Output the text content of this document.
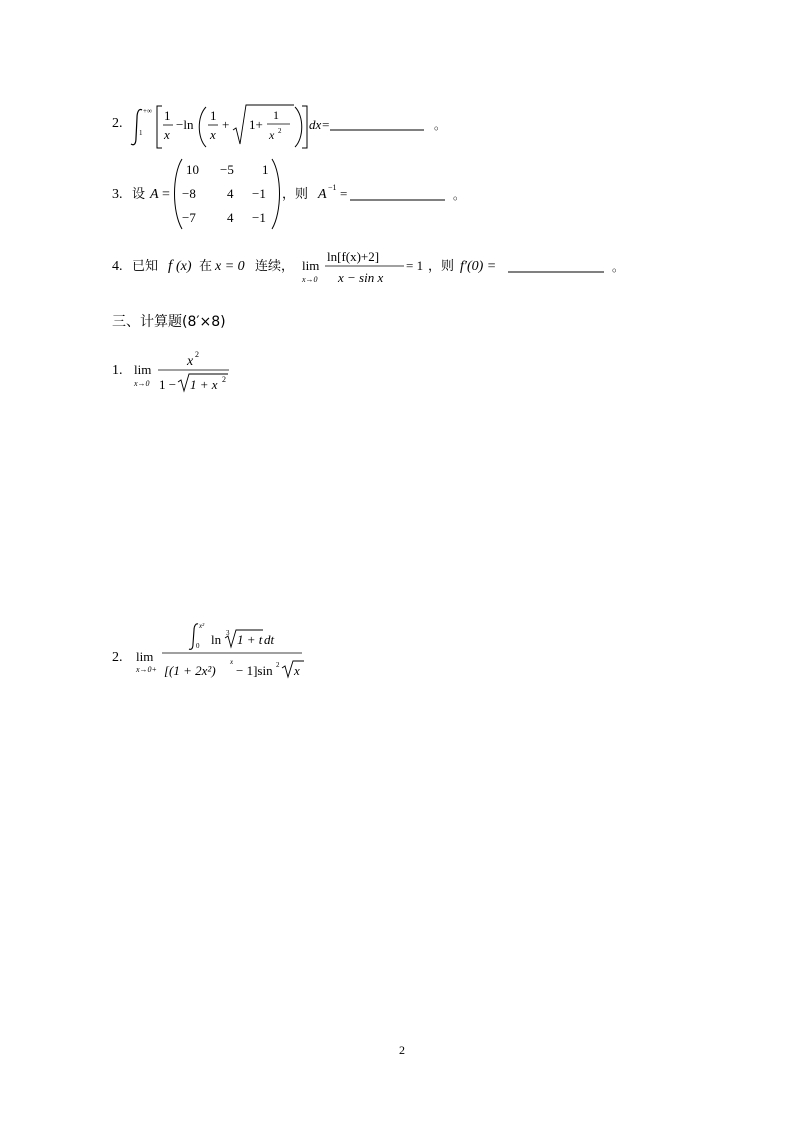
2.
+∞
1
1
x
−ln
1
x
+ 1+
1
x 2 dx=	。
3. 设 A =
10 −5 1
−8 4 −1
−7 4 −1
，则 A −1 =	。
4. 已知 f (x) 在 x = 0 连续， lim
x→0
ln[f(x)+2]
x − sin x
= 1 ，则 f′(0) =	。
三、计算题(8′×8)
1. lim
x→0
x 2
1 − 1 + x 2
2. lim
x→0+
x²
0 ln 3 1 + t dt
[(1 + 2x²)
x
− 1]sin 2 x
2
